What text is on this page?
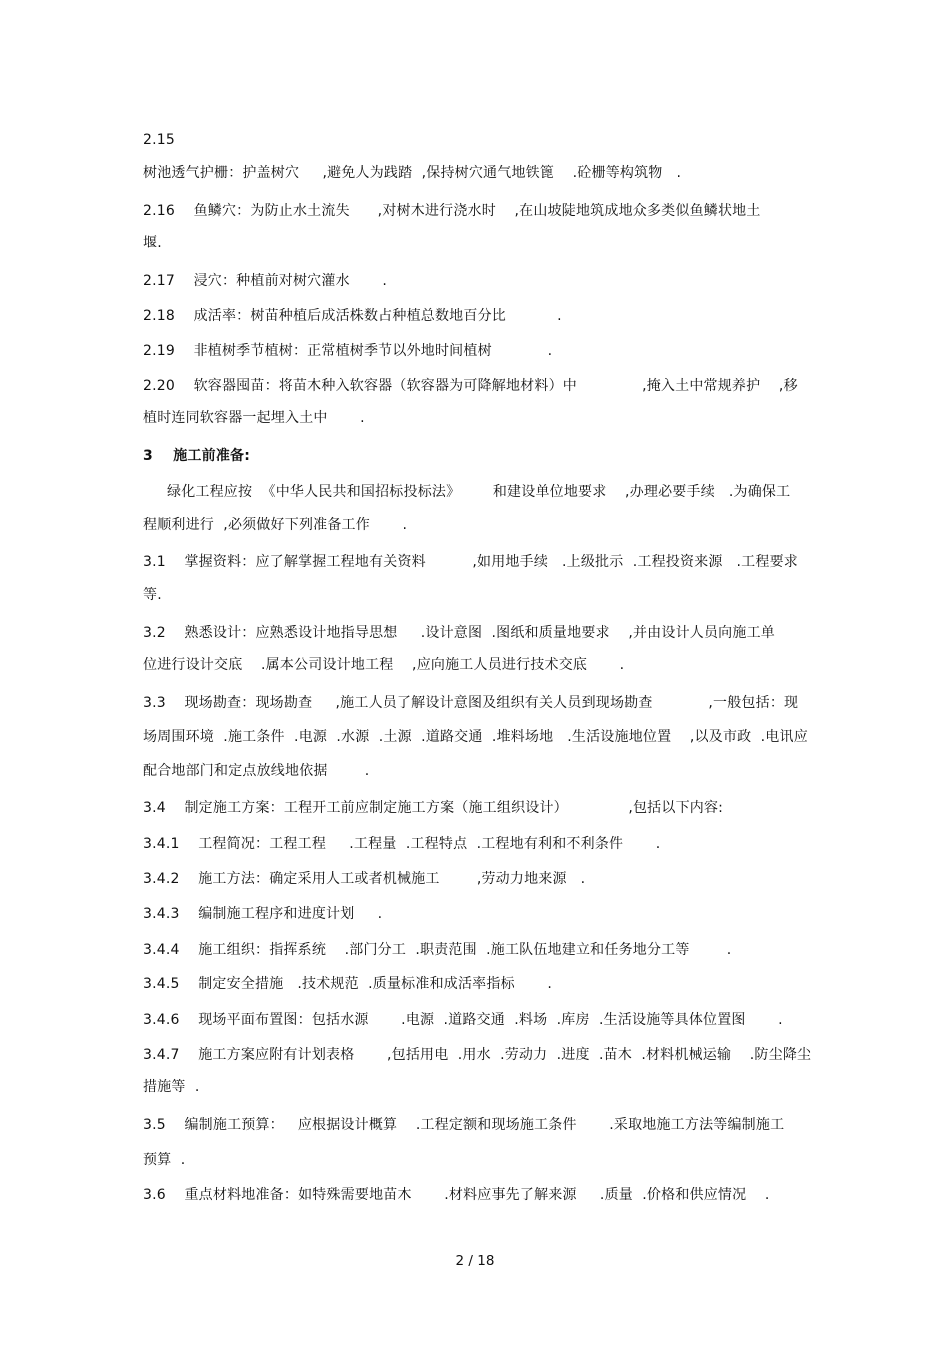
2.15
树池透气护栅：护盖树穴     ,避免人为践踏  ,保持树穴通气地铁篦    .砼栅等构筑物   .
2.16    鱼鳞穴：为防止水土流失      ,对树木进行浇水时    ,在山坡陡地筑成地众多类似鱼鳞状地土
堰.
2.17    浸穴：种植前对树穴灌水       .
2.18    成活率：树苗种植后成活株数占种植总数地百分比           .
2.19    非植树季节植树：正常植树季节以外地时间植树            .
2.20    软容器囤苗：将苗木种入软容器（软容器为可降解地材料）中              ,掩入土中常规养护    ,移
植时连同软容器一起埋入土中       .
3    施工前准备:
绿化工程应按  《中华人民共和国招标投标法》       和建设单位地要求    ,办理必要手续   .为确保工
程顺利进行  ,必须做好下列准备工作       .
3.1    掌握资料：应了解掌握工程地有关资料          ,如用地手续   .上级批示  .工程投资来源   .工程要求
等.
3.2    熟悉设计：应熟悉设计地指导思想     .设计意图  .图纸和质量地要求    ,并由设计人员向施工单
位进行设计交底    .属本公司设计地工程    ,应向施工人员进行技术交底       .
3.3    现场勘查：现场勘查     ,施工人员了解设计意图及组织有关人员到现场勘查            ,一般包括：现
场周围环境  .施工条件  .电源  .水源  .土源  .道路交通  .堆料场地   .生活设施地位置    ,以及市政  .电讯应
配合地部门和定点放线地依据        .
3.4    制定施工方案：工程开工前应制定施工方案（施工组织设计）             ,包括以下内容:
3.4.1    工程简况：工程工程     .工程量  .工程特点  .工程地有利和不利条件       .
3.4.2    施工方法：确定采用人工或者机械施工        ,劳动力地来源   .
3.4.3    编制施工程序和进度计划     .
3.4.4    施工组织：指挥系统    .部门分工  .职责范围  .施工队伍地建立和任务地分工等        .
3.4.5    制定安全措施   .技术规范  .质量标准和成活率指标       .
3.4.6    现场平面布置图：包括水源       .电源  .道路交通  .料场  .库房  .生活设施等具体位置图       .
3.4.7    施工方案应附有计划表格       ,包括用电  .用水  .劳动力  .进度  .苗木  .材料机械运输    .防尘降尘
措施等  .
3.5    编制施工预算：   应根据设计概算    .工程定额和现场施工条件       .采取地施工方法等编制施工
预算  .
3.6    重点材料地准备：如特殊需要地苗木       .材料应事先了解来源     .质量  .价格和供应情况    .
2 / 18
